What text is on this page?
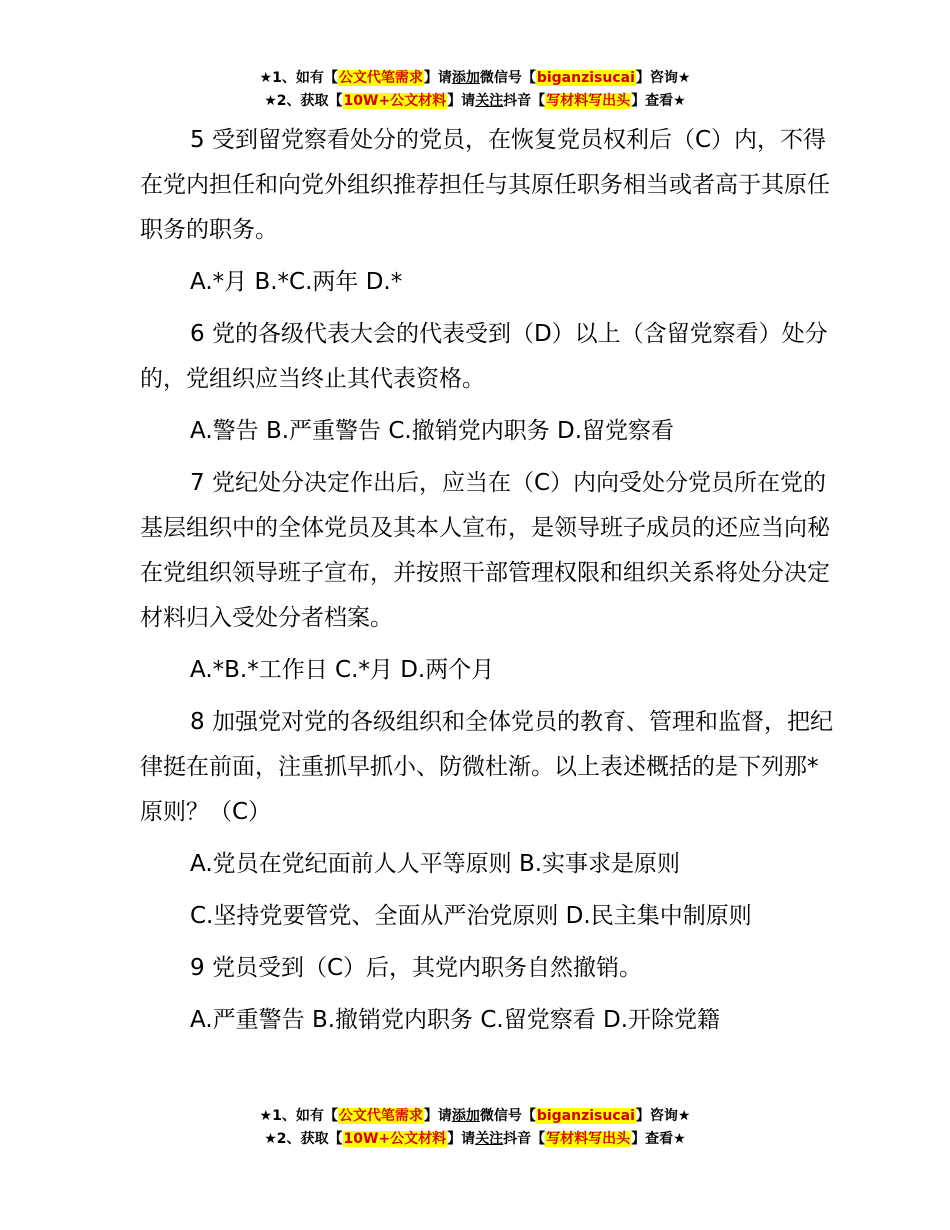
★1、如有【公文代笔需求】请添加微信号【biganzisucai】咨询★
★2、获取【10W+公文材料】请关注抖音【写材料写出头】查看★

5 受到留党察看处分的党员，在恢复党员权利后（C）内，不得在党内担任和向党外组织推荐担任与其原任职务相当或者高于其原任职务的职务。

A.*月 B.*C.两年 D.*

6 党的各级代表大会的代表受到（D）以上（含留党察看）处分的，党组织应当终止其代表资格。

A.警告 B.严重警告 C.撤销党内职务 D.留党察看

7 党纪处分决定作出后，应当在（C）内向受处分党员所在党的基层组织中的全体党员及其本人宣布，是领导班子成员的还应当向秘在党组织领导班子宣布，并按照干部管理权限和组织关系将处分决定材料归入受处分者档案。

A.*B.*工作日 C.*月 D.两个月

8 加强党对党的各级组织和全体党员的教育、管理和监督，把纪律挺在前面，注重抓早抓小、防微杜渐。以上表述概括的是下列那*原则？（C）

A.党员在党纪面前人人平等原则 B.实事求是原则

C.坚持党要管党、全面从严治党原则 D.民主集中制原则

9 党员受到（C）后，其党内职务自然撤销。

A.严重警告 B.撤销党内职务 C.留党察看 D.开除党籍

★1、如有【公文代笔需求】请添加微信号【biganzisucai】咨询★
★2、获取【10W+公文材料】请关注抖音【写材料写出头】查看★
